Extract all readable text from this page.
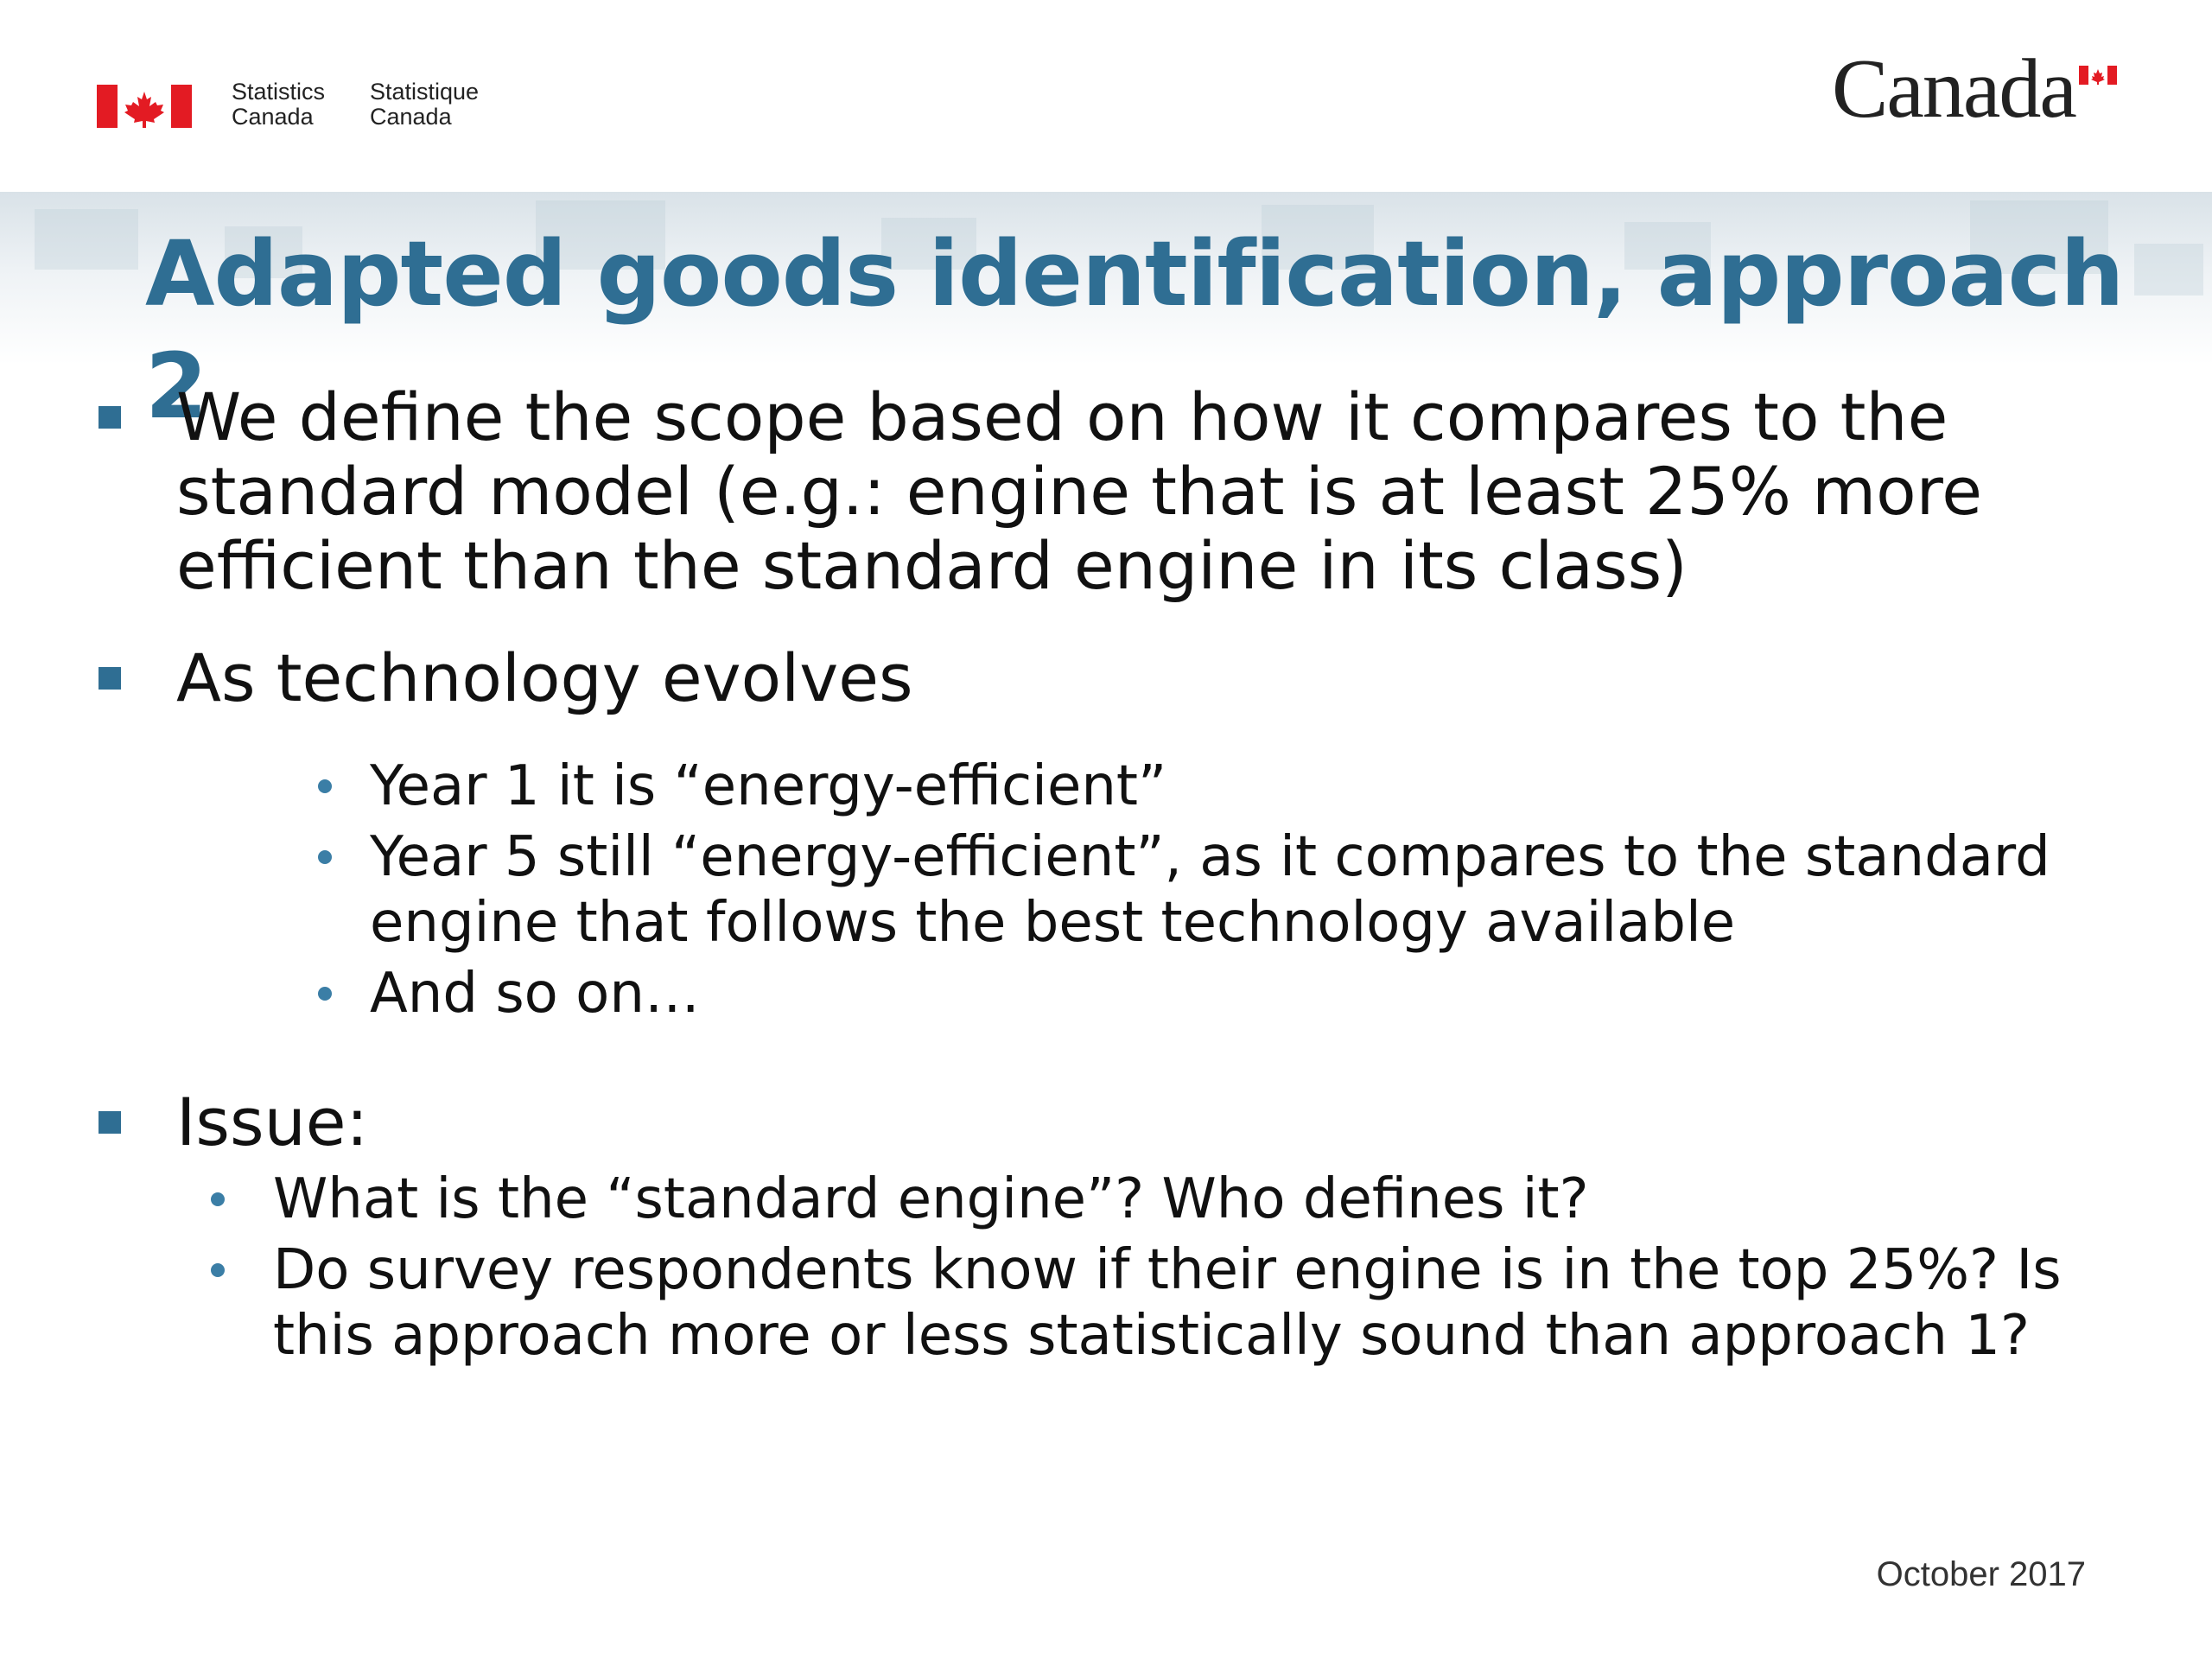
Statistics
Canada
Statistique
Canada	Canada
Adapted goods identification, approach 2
We define the scope based on how it compares to the standard model (e.g.: engine that is at least 25% more efficient than the standard engine in its class)
As technology evolves
Year 1 it is “energy-efficient”
Year 5 still “energy-efficient”, as it compares to the standard engine that follows the best technology available
And so on…
Issue:
What is the “standard engine”? Who defines it?
Do survey respondents know if their engine is in the top 25%? Is this approach more or less statistically sound than approach 1?
October 2017
